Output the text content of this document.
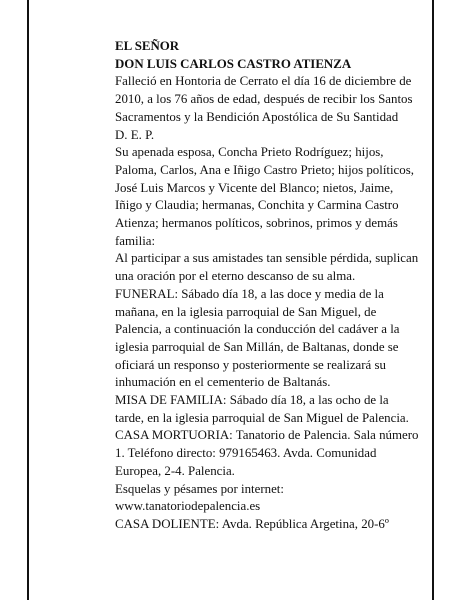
EL SEÑOR

DON LUIS CARLOS CASTRO ATIENZA

Falleció en Hontoria de Cerrato el día 16 de diciembre de 2010, a los 76 años de edad, después de recibir los Santos Sacramentos y la Bendición Apostólica de Su Santidad

D. E. P.

Su apenada esposa, Concha Prieto Rodríguez; hijos, Paloma, Carlos, Ana e Iñigo Castro Prieto; hijos políticos, José Luis Marcos y Vicente del Blanco; nietos, Jaime, Iñigo y Claudia; hermanas, Conchita y Carmina Castro Atienza; hermanos políticos, sobrinos, primos y demás familia:

Al participar a sus amistades tan sensible pérdida, suplican una oración por el eterno descanso de su alma.

FUNERAL: Sábado día 18, a las doce y media de la mañana, en la iglesia parroquial de San Miguel, de Palencia, a continuación la conducción del cadáver a la iglesia parroquial de San Millán, de Baltanas, donde se oficiará un responso y posteriormente se realizará su inhumación en el cementerio de Baltanás.

MISA DE FAMILIA: Sábado día 18, a las ocho de la tarde, en la iglesia parroquial de San Miguel de Palencia.

CASA MORTUORIA: Tanatorio de Palencia. Sala número 1. Teléfono directo: 979165463. Avda. Comunidad Europea, 2-4. Palencia.

Esquelas y pésames por internet: www.tanatoriodepalencia.es

CASA DOLIENTE: Avda. República Argetina, 20-6º
